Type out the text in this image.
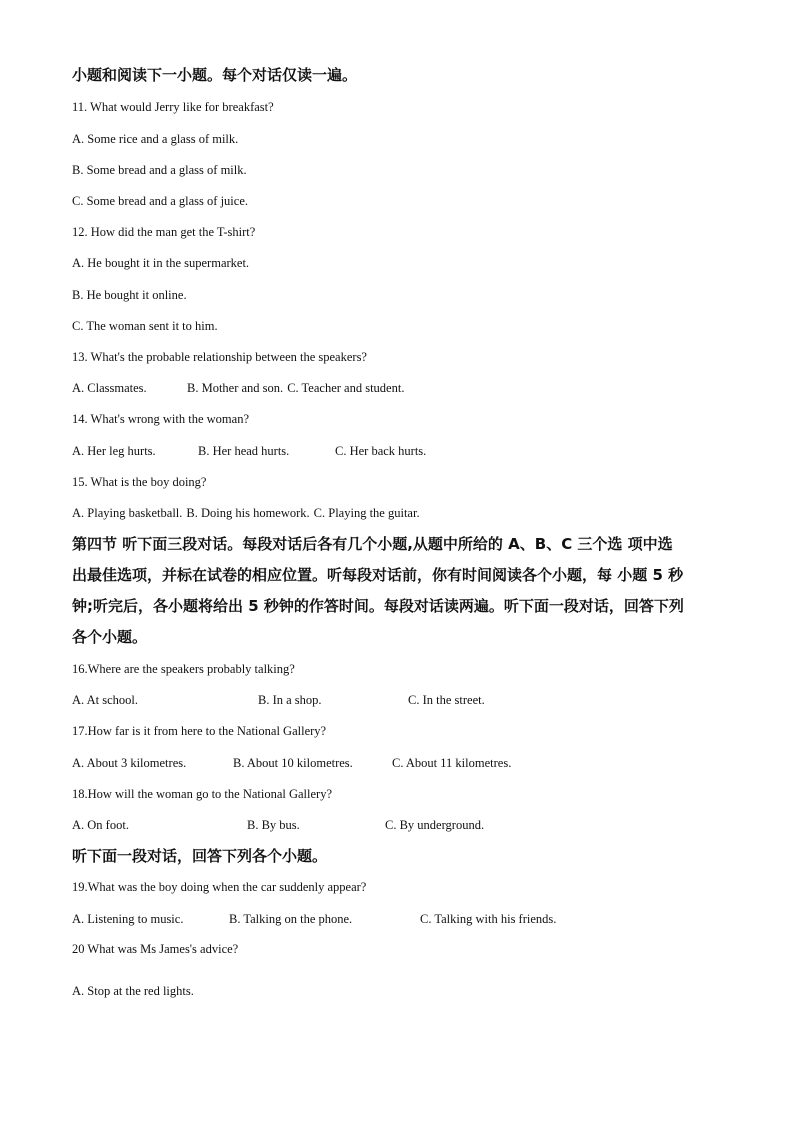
小题和阅读下一小题。每个对话仅读一遍。
11. What would Jerry like for breakfast?
A. Some rice and a glass of milk.
B. Some bread and a glass of milk.
C. Some bread and a glass of juice.
12. How did the man get the T-shirt?
A. He bought it in the supermarket.
B. He bought it online.
C. The woman sent it to him.
13. What's the probable relationship between the speakers?
A. Classmates.	B. Mother and son. C. Teacher and student.
14. What's wrong with the woman?
A. Her leg hurts.	B. Her head hurts.	C. Her back hurts.
15. What is the boy doing?
A. Playing basketball. B. Doing his homework. C. Playing the guitar.
第四节 听下面三段对话。每段对话后各有几个小题,从题中所给的 A、B、C 三个选 项中选
出最佳选项，并标在试卷的相应位置。听每段对话前，你有时间阅读各个小题，每 小题 5 秒
钟;听完后，各小题将给出 5 秒钟的作答时间。每段对话读两遍。听下面一段对话，回答下列
各个小题。
16.Where are the speakers probably talking?
A. At school.	B. In a shop.	C. In the street.
17.How far is it from here to the National Gallery?
A. About 3 kilometres.	B. About 10 kilometres.	C. About 11 kilometres.
18.How will the woman go to the National Gallery?
A. On foot.	B. By bus.	C. By underground.
听下面一段对话，回答下列各个小题。
19.What was the boy doing when the car suddenly appear?
A. Listening to music.	B. Talking on the phone.	C. Talking with his friends.
20 What was Ms James's advice?
A. Stop at the red lights.
